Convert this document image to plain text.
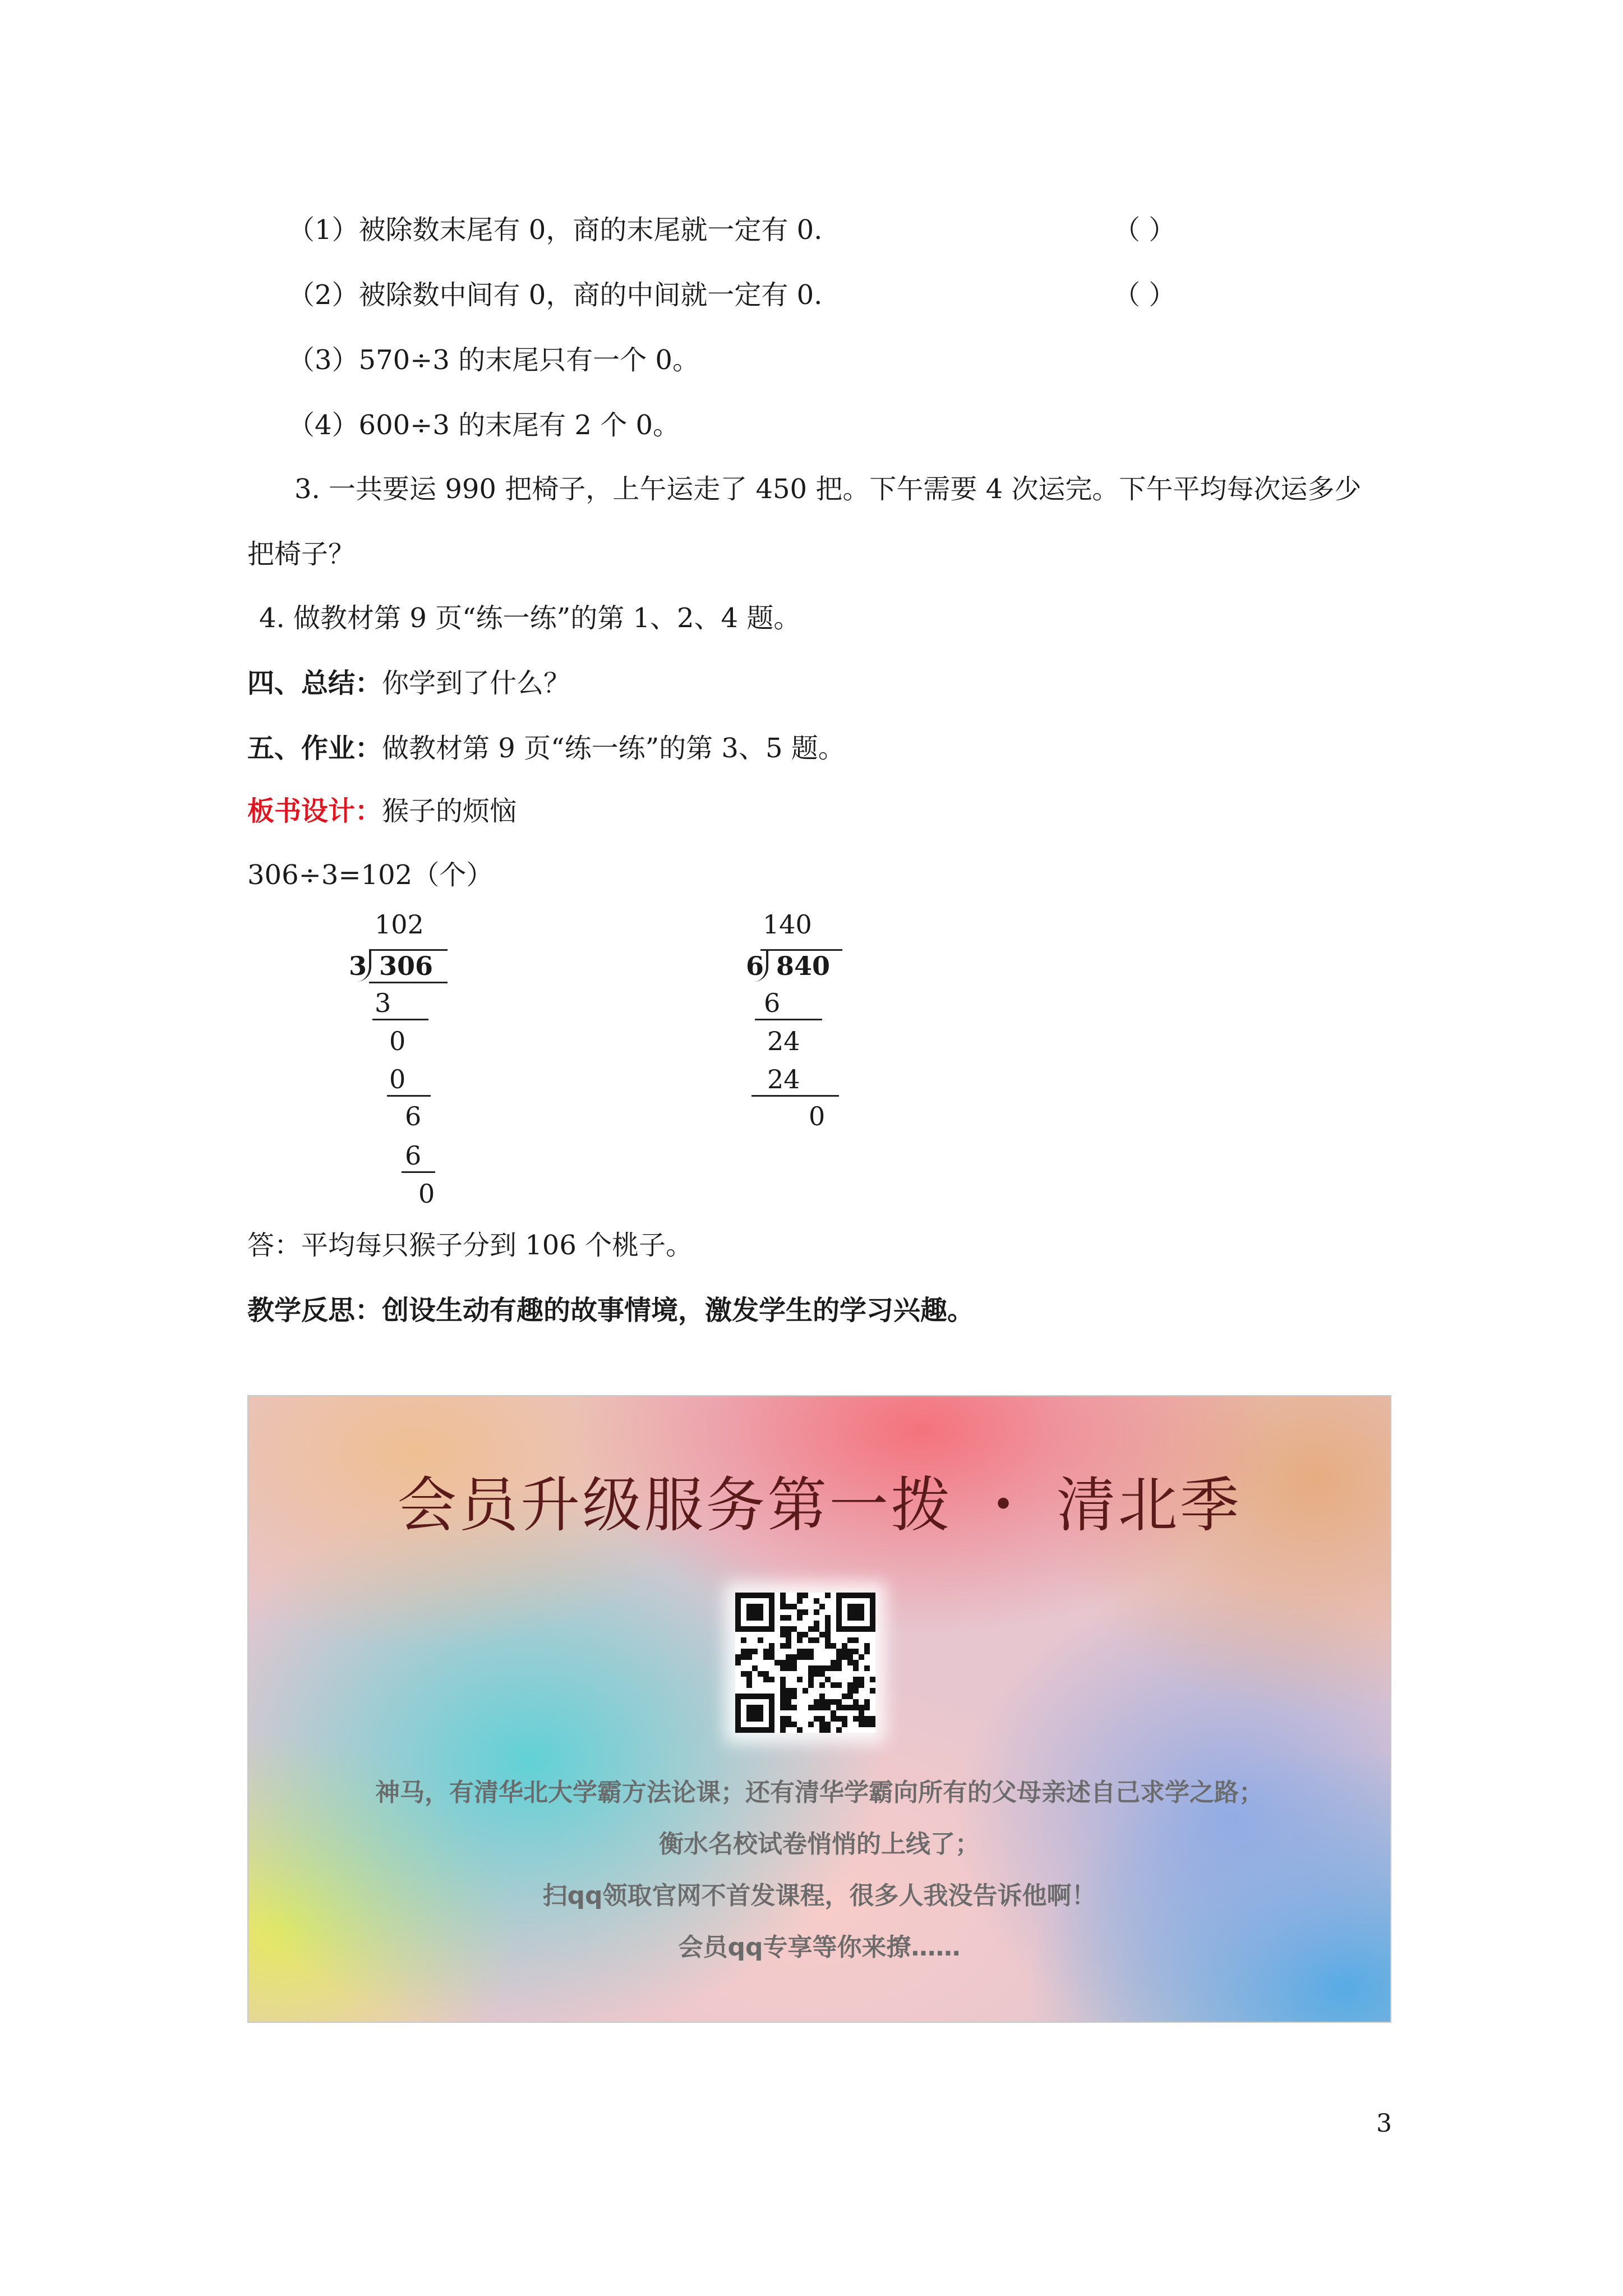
（1）被除数末尾有 0，商的末尾就一定有 0.	（ ）
（2）被除数中间有 0，商的中间就一定有 0.	（ ）
（3）570÷3 的末尾只有一个 0。
（4）600÷3 的末尾有 2 个 0。
3. 一共要运 990 把椅子，上午运走了 450 把。下午需要 4 次运完。下午平均每次运多少
把椅子？
4. 做教材第 9 页“练一练”的第 1、2、4 题。
四、总结：你学到了什么？
五、作业：做教材第 9 页“练一练”的第 3、5 题。
板书设计：猴子的烦恼
306÷3=102（个）
102
3 306
3
0
0
6
6
0
140
6 840
6
24
24
0
答：平均每只猴子分到 106 个桃子。
教学反思：创设生动有趣的故事情境，激发学生的学习兴趣。
会员升级服务第一拨 ・ 清北季
神马，有清华北大学霸方法论课；还有清华学霸向所有的父母亲述自己求学之路；
衡水名校试卷悄悄的上线了；
扫qq领取官网不首发课程，很多人我没告诉他啊！
会员qq专享等你来撩……
3
